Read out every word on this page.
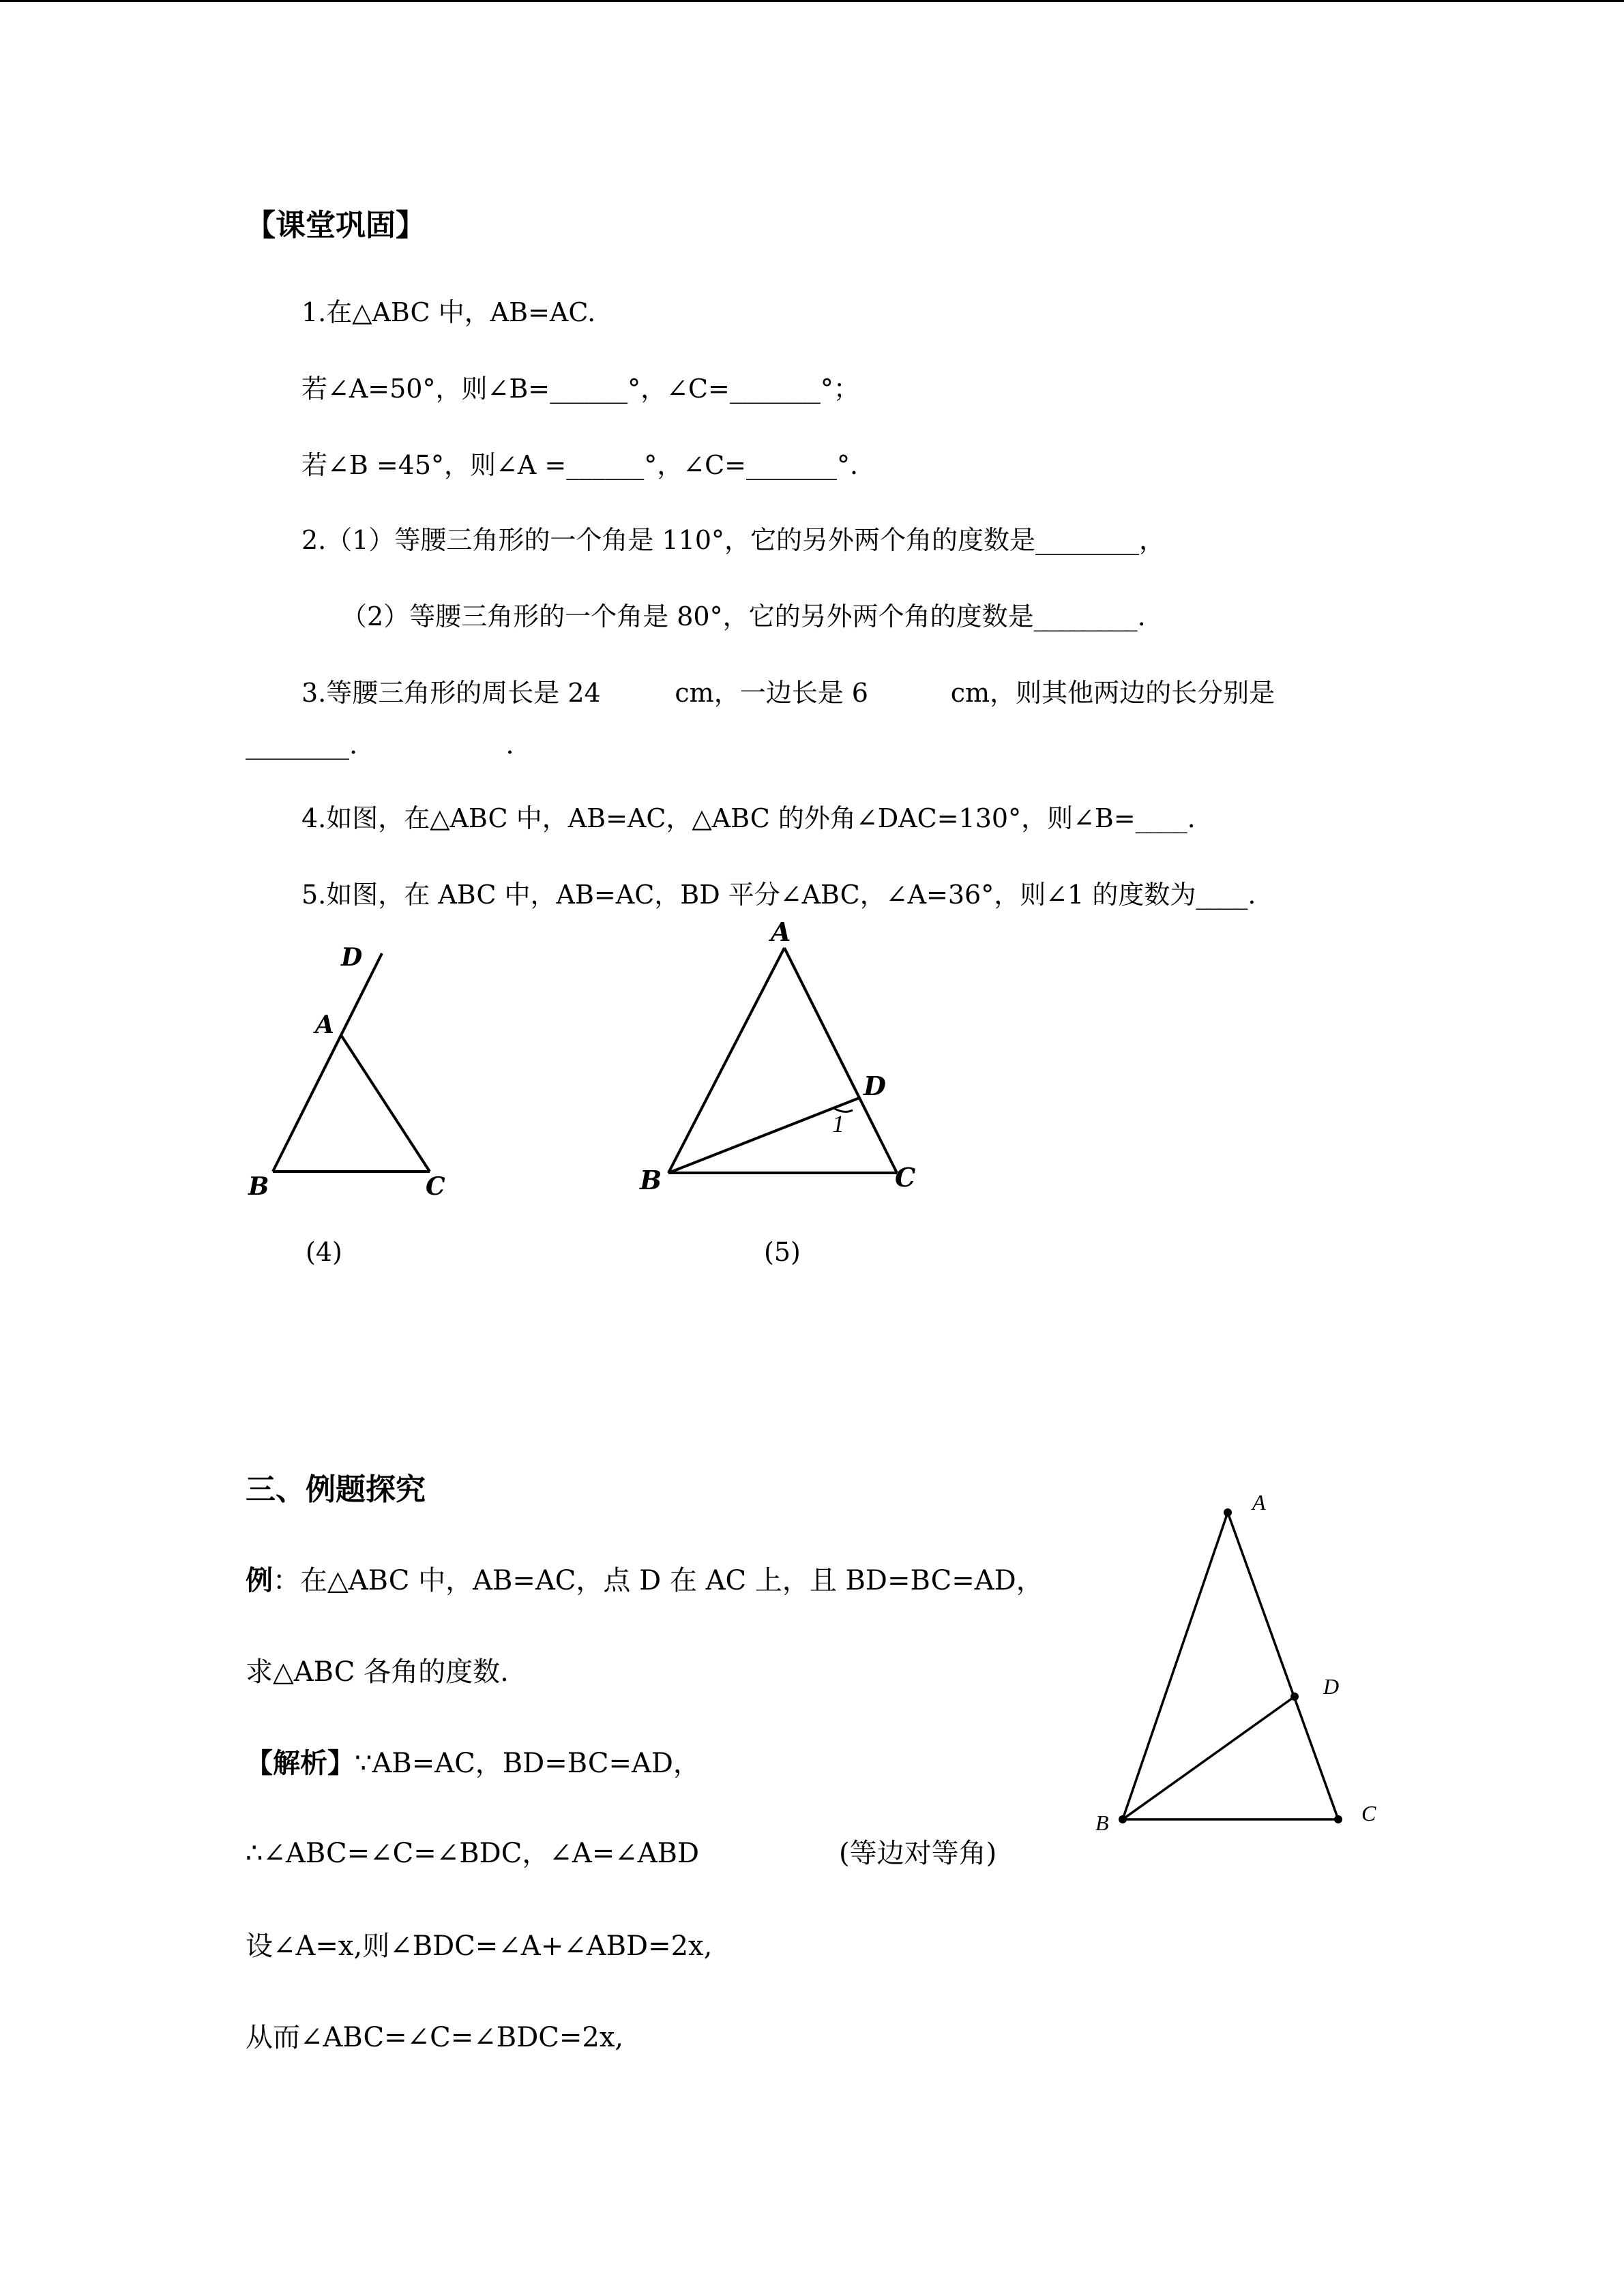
【课堂巩固】
1.在△ABC 中，AB=AC.
若∠A=50°，则∠B=______°，∠C=_______°；
若∠B =45°，则∠A =______°，∠C=_______°.
2.（1）等腰三角形的一个角是 110°，它的另外两个角的度数是________，
（2）等腰三角形的一个角是 80°，它的另外两个角的度数是________.
3.等腰三角形的周长是 24         cm，一边长是 6          cm，则其他两边的长分别是
________.                  .
4.如图，在△ABC 中，AB=AC，△ABC 的外角∠DAC=130°，则∠B=____.
5.如图，在 ABC 中，AB=AC，BD 平分∠ABC，∠A=36°，则∠1 的度数为____.
D
A
B	C
(4)
A
D
1
B	C
(5)
三、例题探究
例：在△ABC 中，AB=AC，点 D 在 AC 上，且 BD=BC=AD，
求△ABC 各角的度数.
【解析】∵AB=AC，BD=BC=AD，
∴∠ABC=∠C=∠BDC，∠A=∠ABD	(等边对等角)
设∠A=x,则∠BDC=∠A+∠ABD=2x,
从而∠ABC=∠C=∠BDC=2x,
A
D
B	C
